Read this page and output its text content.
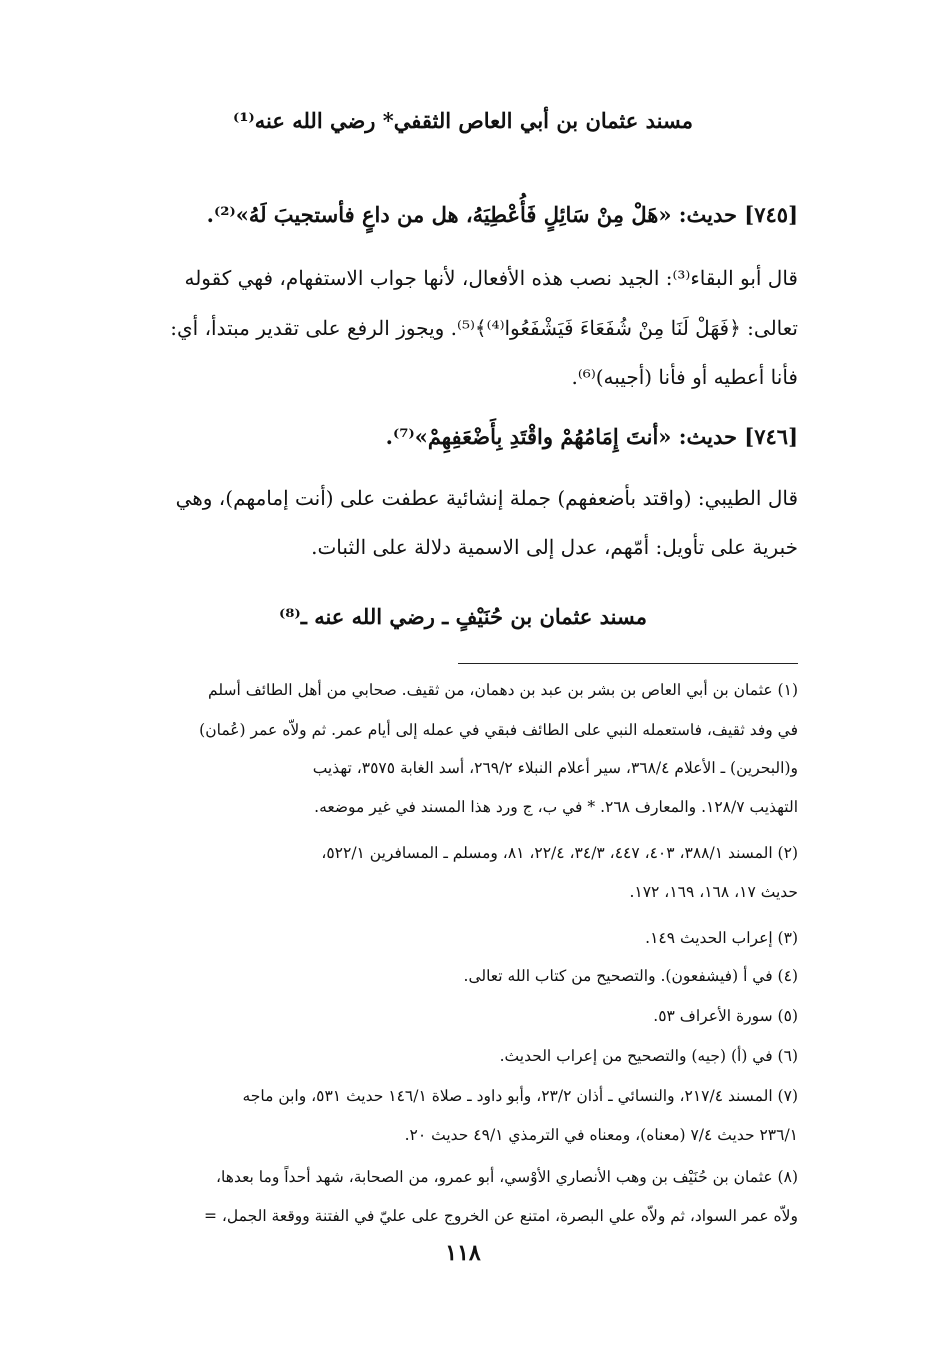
مسند عثمان بن أبي العاص الثقفي* رضي الله عنه⁽¹⁾
[٧٤٥] حديث: «هَلْ مِنْ سَائِلٍ فَأُعْطِيَهُ، هل من داعٍ فأستجيبَ لَهُ»⁽²⁾.
قال أبو البقاء⁽³⁾: الجيد نصب هذه الأفعال، لأنها جواب الاستفهام، فهي كقوله
تعالى: ﴿فَهَلْ لَنَا مِنْ شُفَعَاءَ فَيَشْفَعُوا⁽⁴⁾﴾⁽⁵⁾. ويجوز الرفع على تقدير مبتدأ، أي:
فأنا أعطيه أو فأنا (أجيبه)⁽⁶⁾.
[٧٤٦] حديث: «أنتَ إِمَامُهُمْ واقْتَدِ بِأَضْعَفِهِمْ»⁽⁷⁾.
قال الطيبي: (واقتد بأضعفهم) جملة إنشائية عطفت على (أنت إمامهم)، وهي
خبرية على تأويل: أمّهم، عدل إلى الاسمية دلالة على الثبات.
مسند عثمان بن حُنَيْفٍ ـ رضي الله عنه ـ⁽⁸⁾
(١) عثمان بن أبي العاص بن بشر بن عبد بن دهمان، من ثقيف. صحابي من أهل الطائف أسلم
في وفد ثقيف، فاستعمله النبي على الطائف فبقي في عمله إلى أيام عمر. ثم ولاّه عمر (عُمان)
و(البحرين) ـ الأعلام ٣٦٨/٤، سير أعلام النبلاء ٢٦٩/٢، أسد الغابة ٣٥٧٥، تهذيب
التهذيب ١٢٨/٧. والمعارف ٢٦٨. * في ب، ج ورد هذا المسند في غير موضعه.
(٢) المسند ٣٨٨/١، ٤٠٣، ٤٤٧، ٣٤/٣، ٢٢/٤، ٨١، ومسلم ـ المسافرين ٥٢٢/١،
حديث ١٧، ١٦٨، ١٦٩، ١٧٢.
(٣) إعراب الحديث ١٤٩.
(٤) في أ (فيشفعون). والتصحيح من كتاب الله تعالى.
(٥) سورة الأعراف ٥٣.
(٦) في (أ) (جيه) والتصحيح من إعراب الحديث.
(٧) المسند ٢١٧/٤، والنسائي ـ أذان ٢٣/٢، وأبو داود ـ صلاة ١٤٦/١ حديث ٥٣١، وابن ماجه
٢٣٦/١ حديث ٧/٤ (معناه)، ومعناه في الترمذي ٤٩/١ حديث ٢٠.
(٨) عثمان بن حُنَيْف بن وهب الأنصاري الأوْسي، أبو عمرو، من الصحابة، شهد أحداً وما بعدها،
ولاّه عمر السواد، ثم ولاّه علي البصرة، امتنع عن الخروج على عليّ في الفتنة ووقعة الجمل، =
١١٨
